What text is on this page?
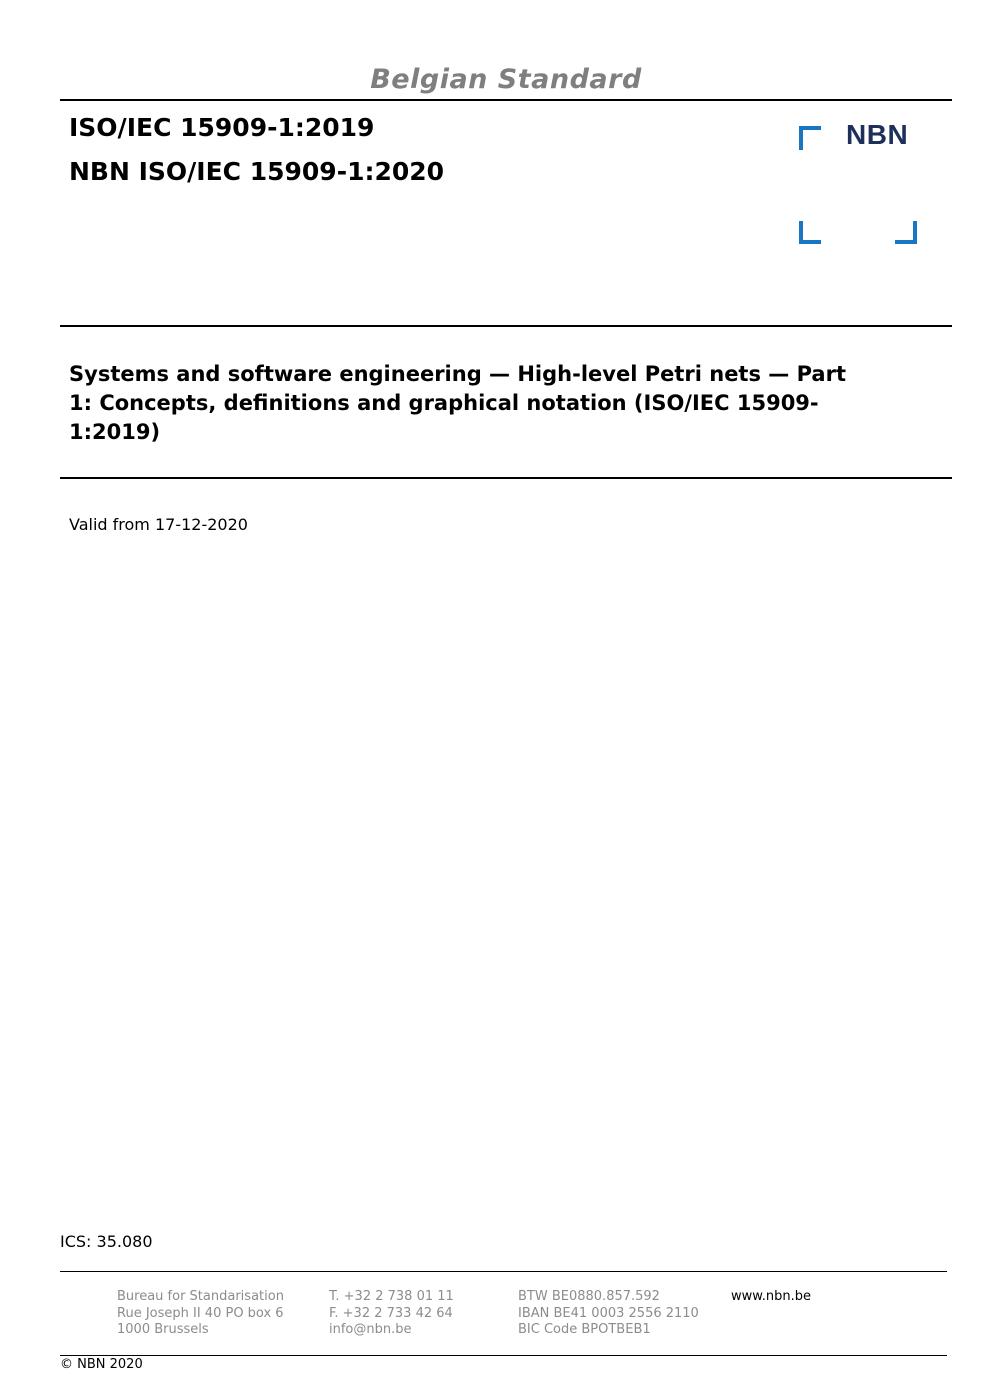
Belgian Standard
ISO/IEC 15909-1:2019
NBN ISO/IEC 15909-1:2020
NBN
Systems and software engineering — High-level Petri nets — Part
1: Concepts, definitions and graphical notation (ISO/IEC 15909-
1:2019)
Valid from 17-12-2020
ICS: 35.080
Bureau for Standarisation
Rue Joseph II 40 PO box 6
1000 Brussels
T. +32 2 738 01 11
F. +32 2 733 42 64
info@nbn.be
BTW BE0880.857.592
IBAN BE41 0003 2556 2110
BIC Code BPOTBEB1
www.nbn.be
© NBN 2020
